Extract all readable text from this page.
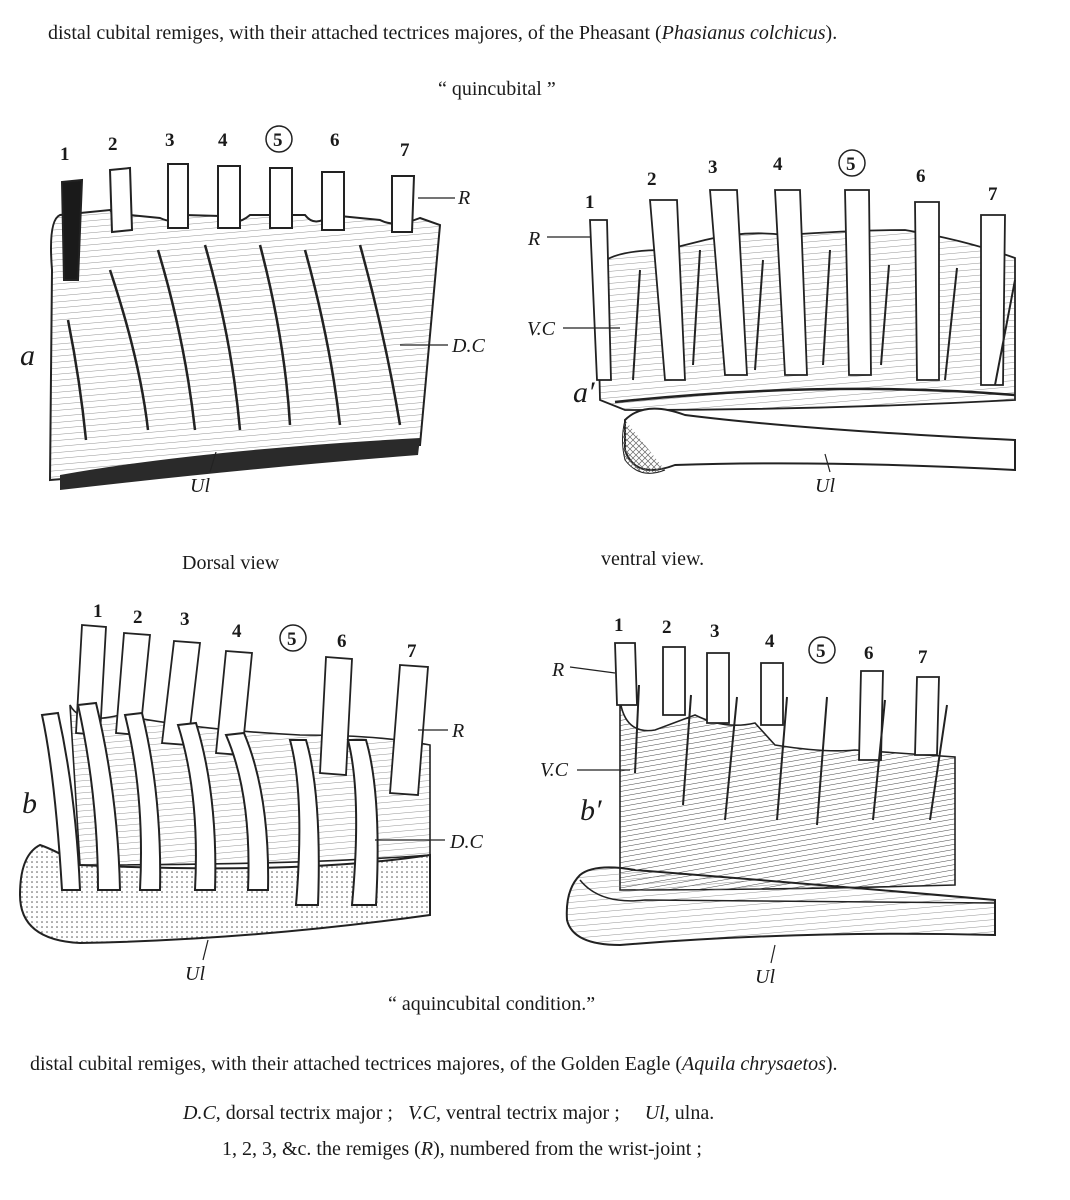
distal cubital remiges, with their attached tectrices majores, of the Pheasant (Phasianus colchicus).
“ quincubital ”
1 2	3 4 5	6	7
R
D.C
Ul
a
1
2
3	4	5
6
7
R
V.C
Ul
a′
Dorsal view	ventral view.
1 2 3
4 5 6	7
R
D.C
Ul
b
1 2 3 4 5 6 7
R
V.C
Ul
b′
“ aquincubital condition.”
distal cubital remiges, with their attached tectrices majores, of the Golden Eagle (Aquila chrysaetos).
D.C, dorsal tectrix major ; V.C, ventral tectrix major ; Ul, ulna.
1, 2, 3, &c. the remiges (R), numbered from the wrist-joint ;
